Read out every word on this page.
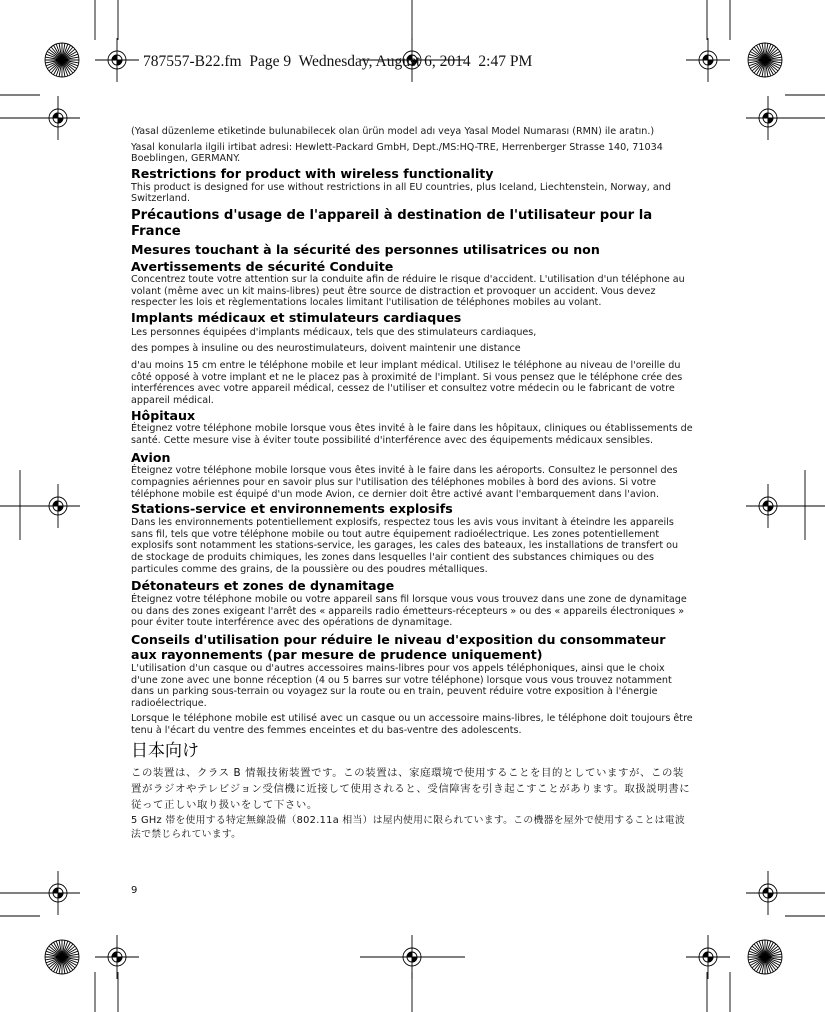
787557-B22.fm  Page 9  Wednesday, August 6, 2014  2:47 PM

(Yasal düzenleme etiketinde bulunabilecek olan ürün model adı veya Yasal Model Numarası (RMN) ile aratın.)

Yasal konularla ilgili irtibat adresi: Hewlett-Packard GmbH, Dept./MS:HQ-TRE, Herrenberger Strasse 140, 71034 Boeblingen, GERMANY.

Restrictions for product with wireless functionality

This product is designed for use without restrictions in all EU countries, plus Iceland, Liechtenstein, Norway, and Switzerland.

Précautions d'usage de l'appareil à destination de l'utilisateur pour la France
Mesures touchant à la sécurité des personnes utilisatrices ou non
Avertissements de sécurité Conduite

Concentrez toute votre attention sur la conduite afin de réduire le risque d'accident. L'utilisation d'un téléphone au volant (même avec un kit mains-libres) peut être source de distraction et provoquer un accident. Vous devez respecter les lois et règlementations locales limitant l'utilisation de téléphones mobiles au volant.

Implants médicaux et stimulateurs cardiaques

Les personnes équipées d'implants médicaux, tels que des stimulateurs cardiaques,

des pompes à insuline ou des neurostimulateurs, doivent maintenir une distance

d'au moins 15 cm entre le téléphone mobile et leur implant médical. Utilisez le téléphone au niveau de l'oreille du côté opposé à votre implant et ne le placez pas à proximité de l'implant. Si vous pensez que le téléphone crée des interférences avec votre appareil médical, cessez de l'utiliser et consultez votre médecin ou le fabricant de votre appareil médical.

Hôpitaux

Éteignez votre téléphone mobile lorsque vous êtes invité à le faire dans les hôpitaux, cliniques ou établissements de santé. Cette mesure vise à éviter toute possibilité d'interférence avec des équipements médicaux sensibles.

Avion

Éteignez votre téléphone mobile lorsque vous êtes invité à le faire dans les aéroports. Consultez le personnel des compagnies aériennes pour en savoir plus sur l'utilisation des téléphones mobiles à bord des avions. Si votre téléphone mobile est équipé d'un mode Avion, ce dernier doit être activé avant l'embarquement dans l'avion.

Stations-service et environnements explosifs

Dans les environnements potentiellement explosifs, respectez tous les avis vous invitant à éteindre les appareils sans fil, tels que votre téléphone mobile ou tout autre équipement radioélectrique. Les zones potentiellement explosifs sont notamment les stations-service, les garages, les cales des bateaux, les installations de transfert ou de stockage de produits chimiques, les zones dans lesquelles l'air contient des substances chimiques ou des particules comme des grains, de la poussière ou des poudres métalliques.

Détonateurs et zones de dynamitage

Éteignez votre téléphone mobile ou votre appareil sans fil lorsque vous vous trouvez dans une zone de dynamitage ou dans des zones exigeant l'arrêt des « appareils radio émetteurs-récepteurs » ou des « appareils électroniques » pour éviter toute interférence avec des opérations de dynamitage.

Conseils d'utilisation pour réduire le niveau d'exposition du consommateur aux rayonnements (par mesure de prudence uniquement)

L'utilisation d'un casque ou d'autres accessoires mains-libres pour vos appels téléphoniques, ainsi que le choix d'une zone avec une bonne réception (4 ou 5 barres sur votre téléphone) lorsque vous vous trouvez notamment dans un parking sous-terrain ou voyagez sur la route ou en train, peuvent réduire votre exposition à l'énergie radioélectrique.

Lorsque le téléphone mobile est utilisé avec un casque ou un accessoire mains-libres, le téléphone doit toujours être tenu à l'écart du ventre des femmes enceintes et du bas-ventre des adolescents.

日本向け

この装置は、クラス B 情報技術装置です。この装置は、家庭環境で使用することを目的としていますが、この装置がラジオやテレビジョン受信機に近接して使用されると、受信障害を引き起こすことがあります。取扱説明書に従って正しい取り扱いをして下さい。

5 GHz 帯を使用する特定無線設備（802.11a 相当）は屋内使用に限られています。この機器を屋外で使用することは電波法で禁じられています。

9
